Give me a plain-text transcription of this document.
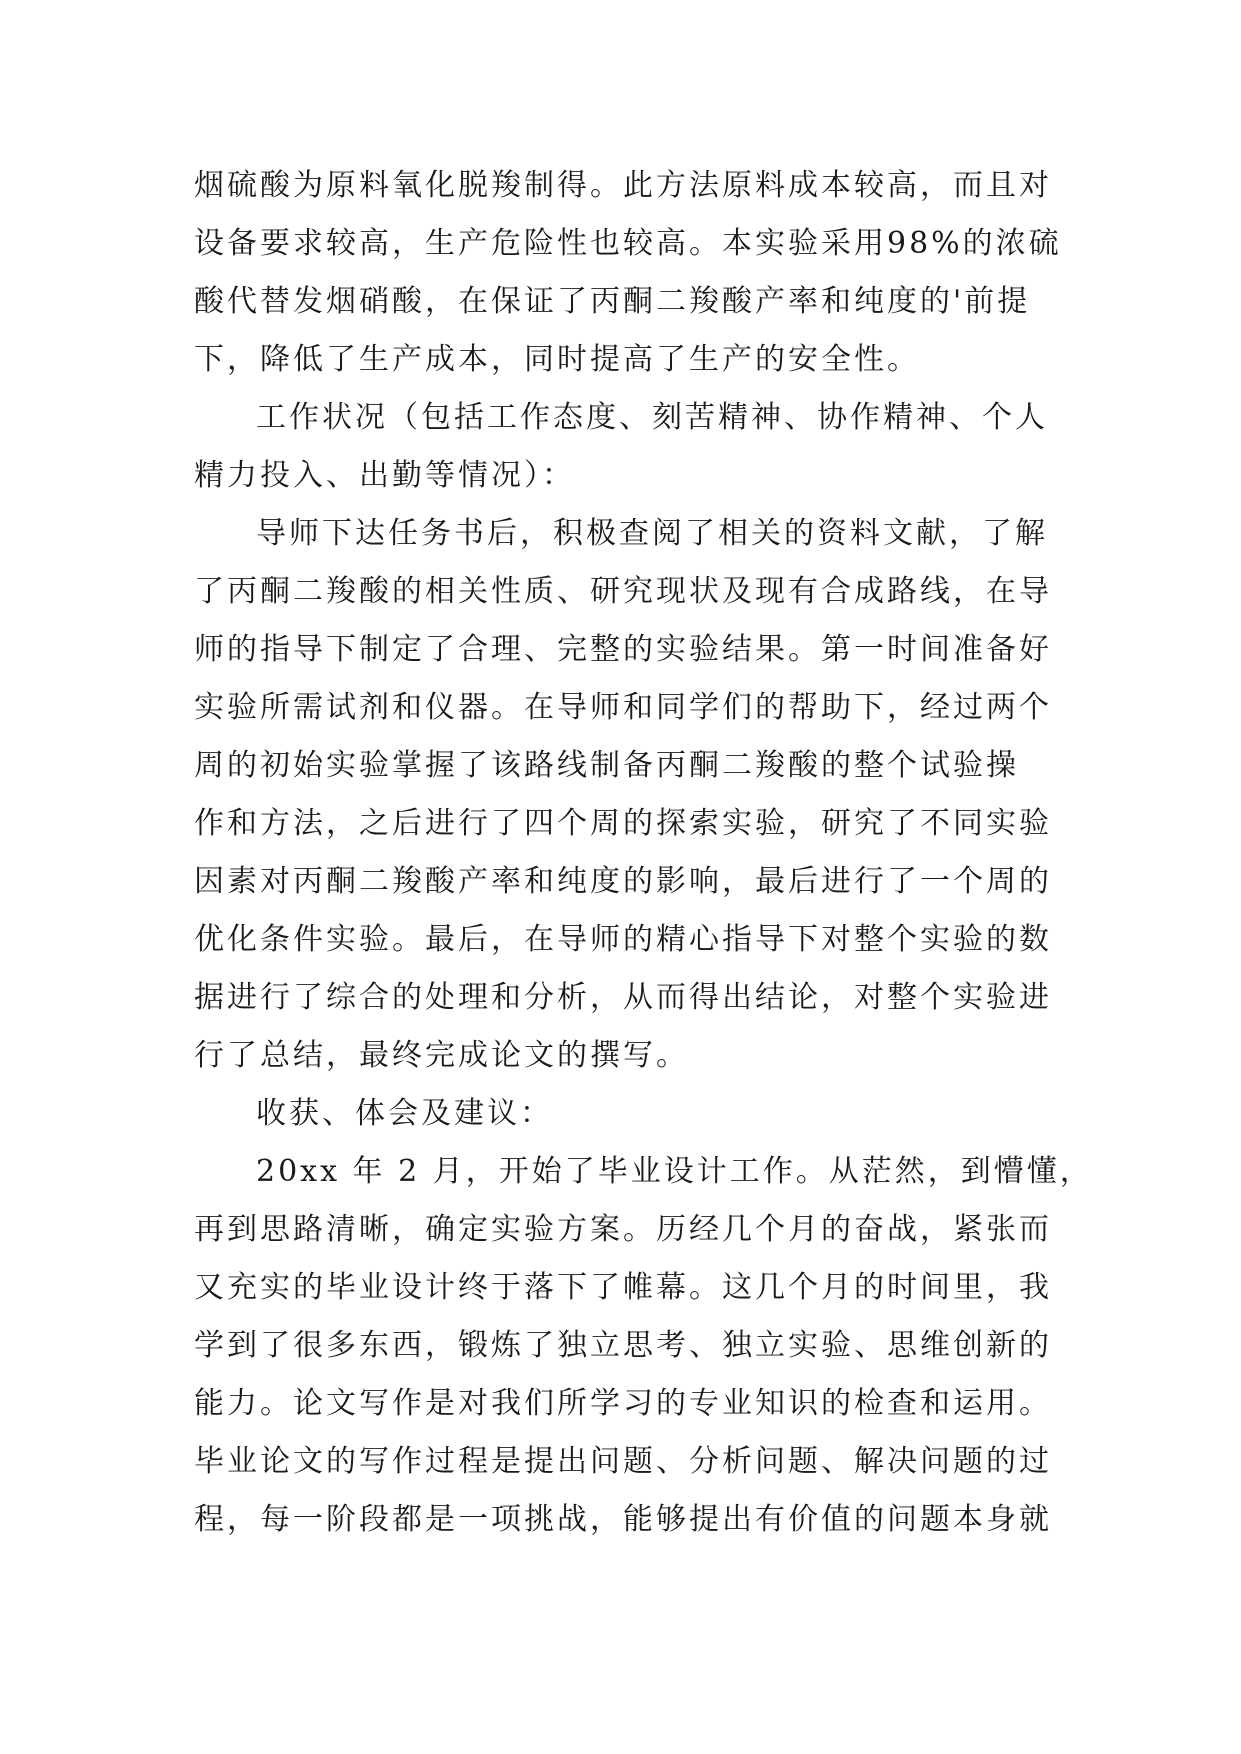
烟硫酸为原料氧化脱羧制得。此方法原料成本较高，而且对

设备要求较高，生产危险性也较高。本实验采用98%的浓硫

酸代替发烟硝酸，在保证了丙酮二羧酸产率和纯度的'前提

下，降低了生产成本，同时提高了生产的安全性。

工作状况（包括工作态度、刻苦精神、协作精神、个人

精力投入、出勤等情况）：

导师下达任务书后，积极查阅了相关的资料文献，了解

了丙酮二羧酸的相关性质、研究现状及现有合成路线，在导

师的指导下制定了合理、完整的实验结果。第一时间准备好

实验所需试剂和仪器。在导师和同学们的帮助下，经过两个

周的初始实验掌握了该路线制备丙酮二羧酸的整个试验操

作和方法，之后进行了四个周的探索实验，研究了不同实验

因素对丙酮二羧酸产率和纯度的影响，最后进行了一个周的

优化条件实验。最后，在导师的精心指导下对整个实验的数

据进行了综合的处理和分析，从而得出结论，对整个实验进

行了总结，最终完成论文的撰写。

收获、体会及建议：

20xx 年 2 月，开始了毕业设计工作。从茫然，到懵懂，

再到思路清晰，确定实验方案。历经几个月的奋战，紧张而

又充实的毕业设计终于落下了帷幕。这几个月的时间里，我

学到了很多东西，锻炼了独立思考、独立实验、思维创新的

能力。论文写作是对我们所学习的专业知识的检查和运用。

毕业论文的写作过程是提出问题、分析问题、解决问题的过

程，每一阶段都是一项挑战，能够提出有价值的问题本身就
